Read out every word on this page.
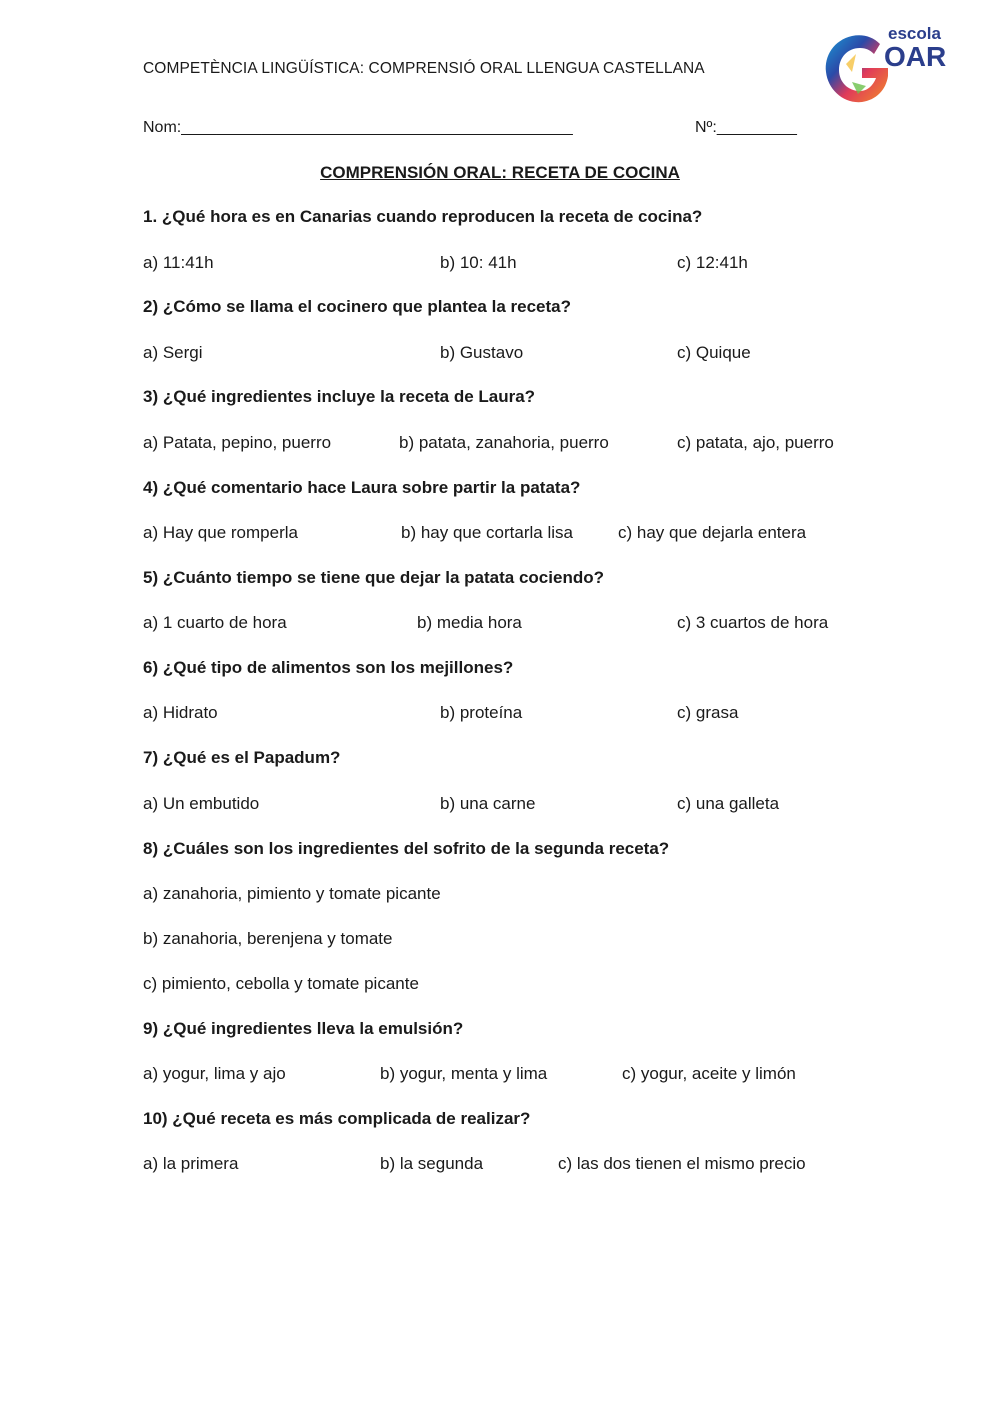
COMPETÈNCIA LINGÜÍSTICA: COMPRENSIÓ ORAL LLENGUA CASTELLANA
escola
OAR
Nom:____________________________________________	Nº:_________
COMPRENSIÓN ORAL: RECETA DE COCINA
1. ¿Qué hora es en Canarias cuando reproducen la receta de cocina?
a) 11:41h	b) 10: 41h	c) 12:41h
2) ¿Cómo se llama el cocinero que plantea la receta?
a) Sergi	b) Gustavo	c) Quique
3) ¿Qué ingredientes incluye la receta de Laura?
a) Patata, pepino, puerro	b) patata, zanahoria, puerro	c) patata, ajo, puerro
4) ¿Qué comentario hace Laura sobre partir la patata?
a) Hay que romperla	b) hay que cortarla lisa	c) hay que dejarla entera
5) ¿Cuánto tiempo se tiene que dejar la patata cociendo?
a) 1 cuarto de hora	b) media hora	c) 3 cuartos de hora
6) ¿Qué tipo de alimentos son los mejillones?
a) Hidrato	b) proteína	c) grasa
7) ¿Qué es el Papadum?
a) Un embutido	b) una carne	c) una galleta
8) ¿Cuáles son los ingredientes del sofrito de la segunda receta?
a) zanahoria, pimiento y tomate picante
b) zanahoria, berenjena y tomate
c) pimiento, cebolla y tomate picante
9) ¿Qué ingredientes lleva la emulsión?
a) yogur, lima y ajo	b) yogur, menta y lima	c) yogur, aceite y limón
10) ¿Qué receta es más complicada de realizar?
a) la primera	b) la segunda	c) las dos tienen el mismo precio
